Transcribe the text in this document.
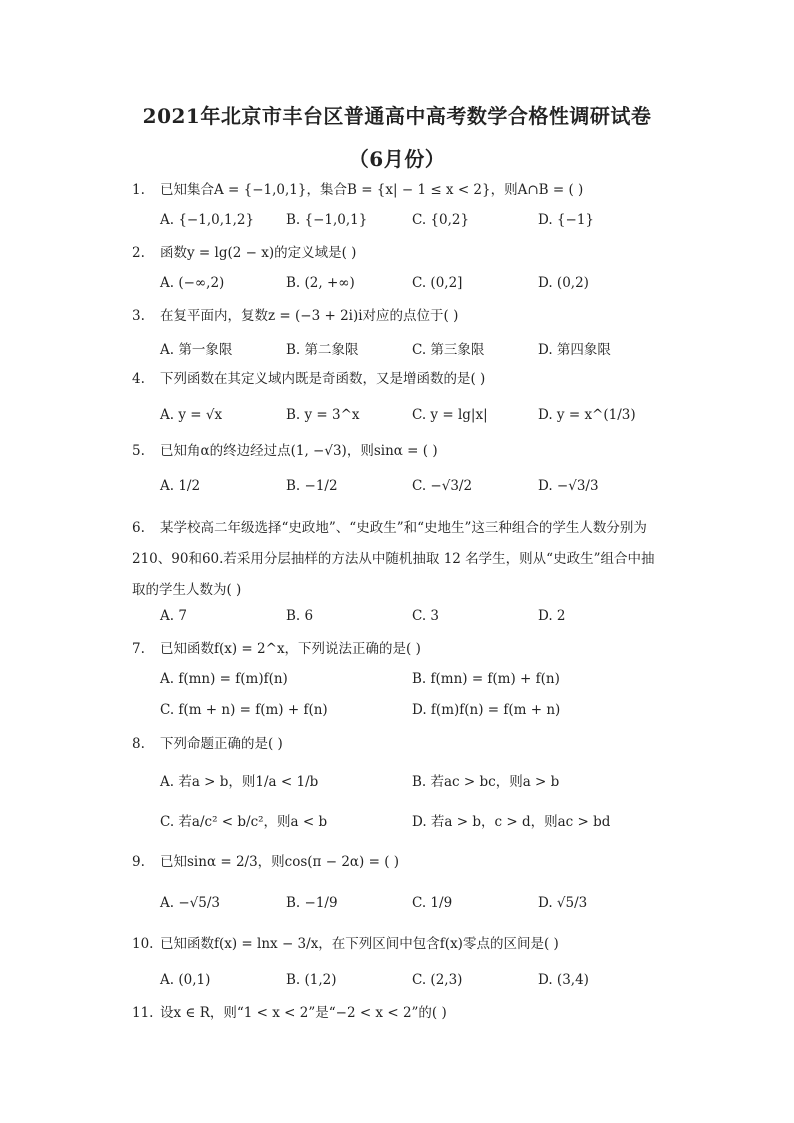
2021年北京市丰台区普通高中高考数学合格性调研试卷
（6月份）
1. 已知集合A = {−1,0,1}，集合B = {x| − 1 ≤ x < 2}，则A∩B = ( )
A. {−1,0,1,2} B. {−1,0,1}	C. {0,2}	D. {−1}
2. 函数y = lg(2 − x)的定义域是( )
A. (−∞,2)	B. (2, +∞)	C. (0,2]	D. (0,2)
3. 在复平面内，复数z = (−3 + 2i)i对应的点位于( )
A. 第一象限	B. 第二象限	C. 第三象限	D. 第四象限
4. 下列函数在其定义域内既是奇函数，又是增函数的是( )
A. y = √x	B. y = 3^x	C. y = lg|x|	D. y = x^(1/3)
5. 已知角α的终边经过点(1, −√3)，则sinα = ( )
A. 1/2	B. −1/2	C. −√3/2	D. −√3/3
6. 某学校高二年级选择“史政地”、“史政生”和“史地生”这三种组合的学生人数分别为 210、90和60.若采用分层抽样的方法从中随机抽取 12 名学生，则从“史政生”组合中抽取的学生人数为( )
A. 7	B. 6	C. 3	D. 2
7. 已知函数f(x) = 2^x，下列说法正确的是( )
A. f(mn) = f(m)f(n)	B. f(mn) = f(m) + f(n)
C. f(m + n) = f(m) + f(n)	D. f(m)f(n) = f(m + n)
8. 下列命题正确的是( )
A. 若a > b，则1/a < 1/b	B. 若ac > bc，则a > b
C. 若a/c² < b/c²，则a < b	D. 若a > b，c > d，则ac > bd
9. 已知sinα = 2/3，则cos(π − 2α) = ( )
A. −√5/3	B. −1/9	C. 1/9	D. √5/3
10. 已知函数f(x) = lnx − 3/x，在下列区间中包含f(x)零点的区间是( )
A. (0,1)	B. (1,2)	C. (2,3)	D. (3,4)
11. 设x ∈ R，则“1 < x < 2”是“−2 < x < 2”的( )
